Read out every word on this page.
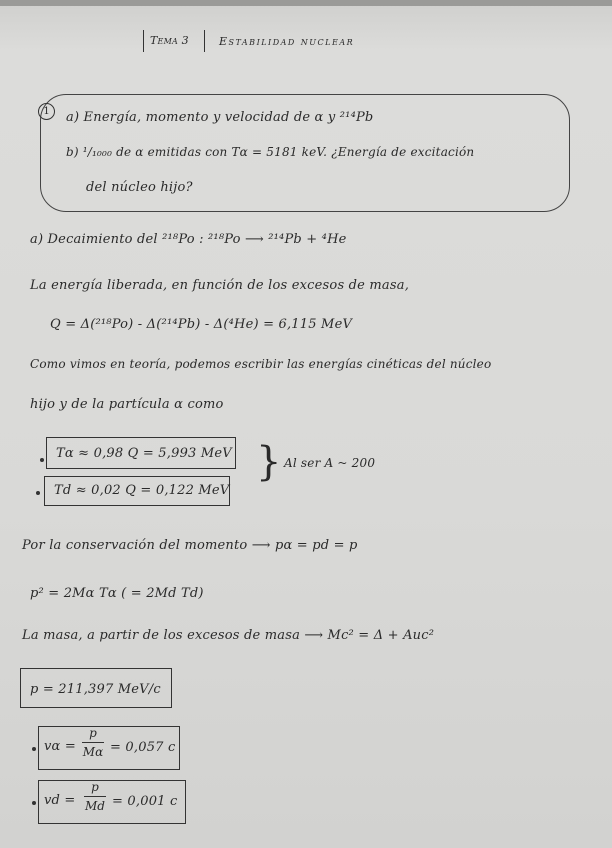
Tema 3	Estabilidad nuclear
1	a) Energía, momento y velocidad de α y ²¹⁴Pb
b) ¹/₁₀₀₀ de α emitidas con Tα = 5181 keV. ¿Energía de excitación
del núcleo hijo?
a) Decaimiento del ²¹⁸Po : ²¹⁸Po ⟶ ²¹⁴Pb + ⁴He
La energía liberada, en función de los excesos de masa,
Q = Δ(²¹⁸Po) - Δ(²¹⁴Pb) - Δ(⁴He) = 6,115 MeV
Como vimos en teoría, podemos escribir las energías cinéticas del núcleo
hijo y de la partícula α como
Tα ≈ 0,98 Q = 5,993 MeV
Td ≈ 0,02 Q = 0,122 MeV
} Al ser A ~ 200
Por la conservación del momento ⟶ pα = pd = p
p² = 2Mα Tα ( = 2Md Td)
La masa, a partir de los excesos de masa ⟶ Mc² = Δ + Auc²
p = 211,397 MeV/c
vα =
p
Mα = 0,057 c
vd =
p
Md = 0,001 c
